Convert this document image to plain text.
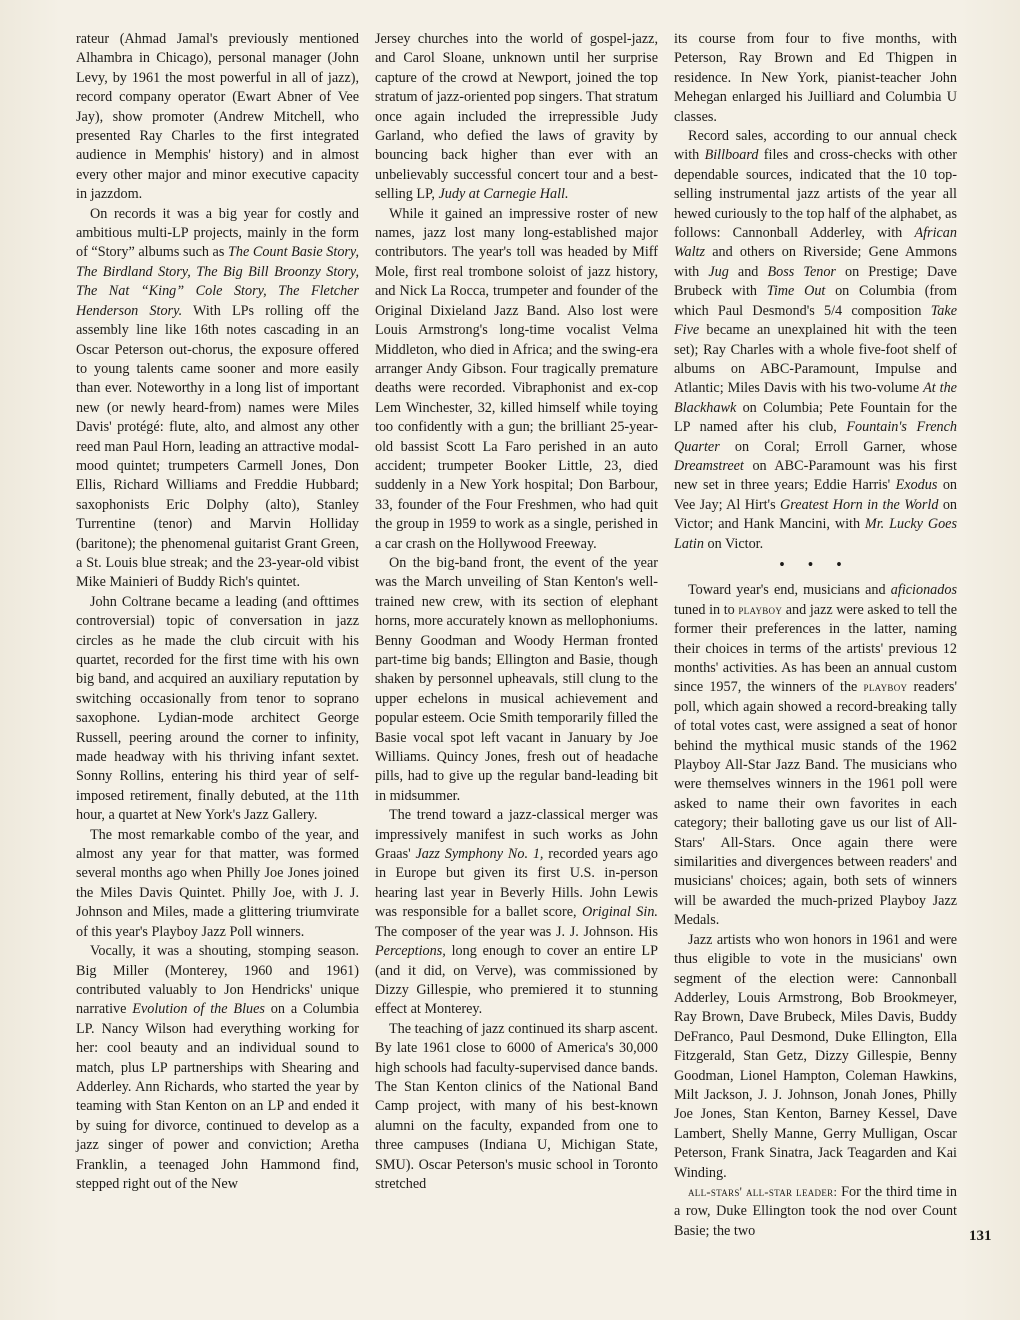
rateur (Ahmad Jamal's previously mentioned Alhambra in Chicago), personal manager (John Levy, by 1961 the most powerful in all of jazz), record company operator (Ewart Abner of Vee Jay), show promoter (Andrew Mitchell, who presented Ray Charles to the first integrated audience in Memphis' history) and in almost every other major and minor executive capacity in jazzdom.

On records it was a big year for costly and ambitious multi-LP projects, mainly in the form of “Story” albums such as The Count Basie Story, The Birdland Story, The Big Bill Broonzy Story, The Nat “King” Cole Story, The Fletcher Henderson Story. With LPs rolling off the assembly line like 16th notes cascading in an Oscar Peterson out-chorus, the exposure offered to young talents came sooner and more easily than ever. Noteworthy in a long list of important new (or newly heard-from) names were Miles Davis' protégé: flute, alto, and almost any other reed man Paul Horn, leading an attractive modal-mood quintet; trumpeters Carmell Jones, Don Ellis, Richard Williams and Freddie Hubbard; saxophonists Eric Dolphy (alto), Stanley Turrentine (tenor) and Marvin Holliday (baritone); the phenomenal guitarist Grant Green, a St. Louis blue streak; and the 23-year-old vibist Mike Mainieri of Buddy Rich's quintet.

John Coltrane became a leading (and ofttimes controversial) topic of conversation in jazz circles as he made the club circuit with his quartet, recorded for the first time with his own big band, and acquired an auxiliary reputation by switching occasionally from tenor to soprano saxophone. Lydian-mode architect George Russell, peering around the corner to infinity, made headway with his thriving infant sextet. Sonny Rollins, entering his third year of self-imposed retirement, finally debuted, at the 11th hour, a quartet at New York's Jazz Gallery.

The most remarkable combo of the year, and almost any year for that matter, was formed several months ago when Philly Joe Jones joined the Miles Davis Quintet. Philly Joe, with J. J. Johnson and Miles, made a glittering triumvirate of this year's Playboy Jazz Poll winners.

Vocally, it was a shouting, stomping season. Big Miller (Monterey, 1960 and 1961) contributed valuably to Jon Hendricks' unique narrative Evolution of the Blues on a Columbia LP. Nancy Wilson had everything working for her: cool beauty and an individual sound to match, plus LP partnerships with Shearing and Adderley. Ann Richards, who started the year by teaming with Stan Kenton on an LP and ended it by suing for divorce, continued to develop as a jazz singer of power and conviction; Aretha Franklin, a teenaged John Hammond find, stepped right out of the New

Jersey churches into the world of gospel-jazz, and Carol Sloane, unknown until her surprise capture of the crowd at Newport, joined the top stratum of jazz-oriented pop singers. That stratum once again included the irrepressible Judy Garland, who defied the laws of gravity by bouncing back higher than ever with an unbelievably successful concert tour and a best-selling LP, Judy at Carnegie Hall.

While it gained an impressive roster of new names, jazz lost many long-established major contributors. The year's toll was headed by Miff Mole, first real trombone soloist of jazz history, and Nick La Rocca, trumpeter and founder of the Original Dixieland Jazz Band. Also lost were Louis Armstrong's long-time vocalist Velma Middleton, who died in Africa; and the swing-era arranger Andy Gibson. Four tragically premature deaths were recorded. Vibraphonist and ex-cop Lem Winchester, 32, killed himself while toying too confidently with a gun; the brilliant 25-year-old bassist Scott La Faro perished in an auto accident; trumpeter Booker Little, 23, died suddenly in a New York hospital; Don Barbour, 33, founder of the Four Freshmen, who had quit the group in 1959 to work as a single, perished in a car crash on the Hollywood Freeway.

On the big-band front, the event of the year was the March unveiling of Stan Kenton's well-trained new crew, with its section of elephant horns, more accurately known as mellophoniums. Benny Goodman and Woody Herman fronted part-time big bands; Ellington and Basie, though shaken by personnel upheavals, still clung to the upper echelons in musical achievement and popular esteem. Ocie Smith temporarily filled the Basie vocal spot left vacant in January by Joe Williams. Quincy Jones, fresh out of headache pills, had to give up the regular band-leading bit in midsummer.

The trend toward a jazz-classical merger was impressively manifest in such works as John Graas' Jazz Symphony No. 1, recorded years ago in Europe but given its first U.S. in-person hearing last year in Beverly Hills. John Lewis was responsible for a ballet score, Original Sin. The composer of the year was J. J. Johnson. His Perceptions, long enough to cover an entire LP (and it did, on Verve), was commissioned by Dizzy Gillespie, who premiered it to stunning effect at Monterey.

The teaching of jazz continued its sharp ascent. By late 1961 close to 6000 of America's 30,000 high schools had faculty-supervised dance bands. The Stan Kenton clinics of the National Band Camp project, with many of his best-known alumni on the faculty, expanded from one to three campuses (Indiana U, Michigan State, SMU). Oscar Peterson's music school in Toronto stretched

its course from four to five months, with Peterson, Ray Brown and Ed Thigpen in residence. In New York, pianist-teacher John Mehegan enlarged his Juilliard and Columbia U classes.

Record sales, according to our annual check with Billboard files and cross-checks with other dependable sources, indicated that the 10 top-selling instrumental jazz artists of the year all hewed curiously to the top half of the alphabet, as follows: Cannonball Adderley, with African Waltz and others on Riverside; Gene Ammons with Jug and Boss Tenor on Prestige; Dave Brubeck with Time Out on Columbia (from which Paul Desmond's 5/4 composition Take Five became an unexplained hit with the teen set); Ray Charles with a whole five-foot shelf of albums on ABC-Paramount, Impulse and Atlantic; Miles Davis with his two-volume At the Blackhawk on Columbia; Pete Fountain for the LP named after his club, Fountain's French Quarter on Coral; Erroll Garner, whose Dreamstreet on ABC-Paramount was his first new set in three years; Eddie Harris' Exodus on Vee Jay; Al Hirt's Greatest Horn in the World on Victor; and Hank Mancini, with Mr. Lucky Goes Latin on Victor.

• • •

Toward year's end, musicians and aficionados tuned in to playboy and jazz were asked to tell the former their preferences in the latter, naming their choices in terms of the artists' previous 12 months' activities. As has been an annual custom since 1957, the winners of the playboy readers' poll, which again showed a record-breaking tally of total votes cast, were assigned a seat of honor behind the mythical music stands of the 1962 Playboy All-Star Jazz Band. The musicians who were themselves winners in the 1961 poll were asked to name their own favorites in each category; their balloting gave us our list of All-Stars' All-Stars. Once again there were similarities and divergences between readers' and musicians' choices; again, both sets of winners will be awarded the much-prized Playboy Jazz Medals.

Jazz artists who won honors in 1961 and were thus eligible to vote in the musicians' own segment of the election were: Cannonball Adderley, Louis Armstrong, Bob Brookmeyer, Ray Brown, Dave Brubeck, Miles Davis, Buddy DeFranco, Paul Desmond, Duke Ellington, Ella Fitzgerald, Stan Getz, Dizzy Gillespie, Benny Goodman, Lionel Hampton, Coleman Hawkins, Milt Jackson, J. J. Johnson, Jonah Jones, Philly Joe Jones, Stan Kenton, Barney Kessel, Dave Lambert, Shelly Manne, Gerry Mulligan, Oscar Peterson, Frank Sinatra, Jack Teagarden and Kai Winding.

all-stars' all-star leader: For the third time in a row, Duke Ellington took the nod over Count Basie; the two	131
